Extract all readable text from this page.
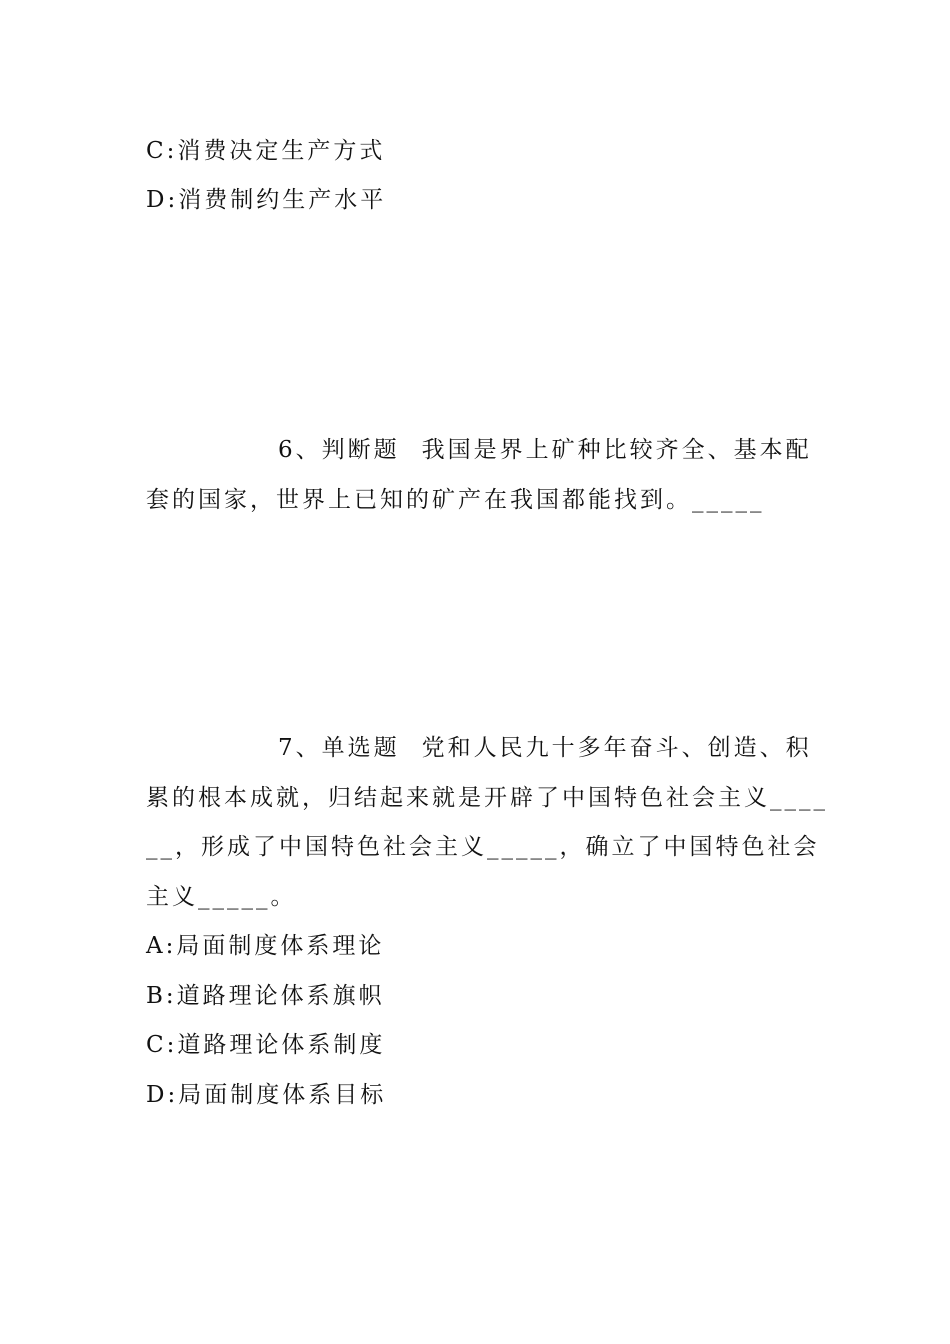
C:消费决定生产方式
D:消费制约生产水平
6、判断题 我国是界上矿种比较齐全、基本配
套的国家，世界上已知的矿产在我国都能找到。_____
7、单选题 党和人民九十多年奋斗、创造、积
累的根本成就，归结起来就是开辟了中国特色社会主义____
__，形成了中国特色社会主义_____，确立了中国特色社会
主义_____。
A:局面制度体系理论
B:道路理论体系旗帜
C:道路理论体系制度
D:局面制度体系目标
